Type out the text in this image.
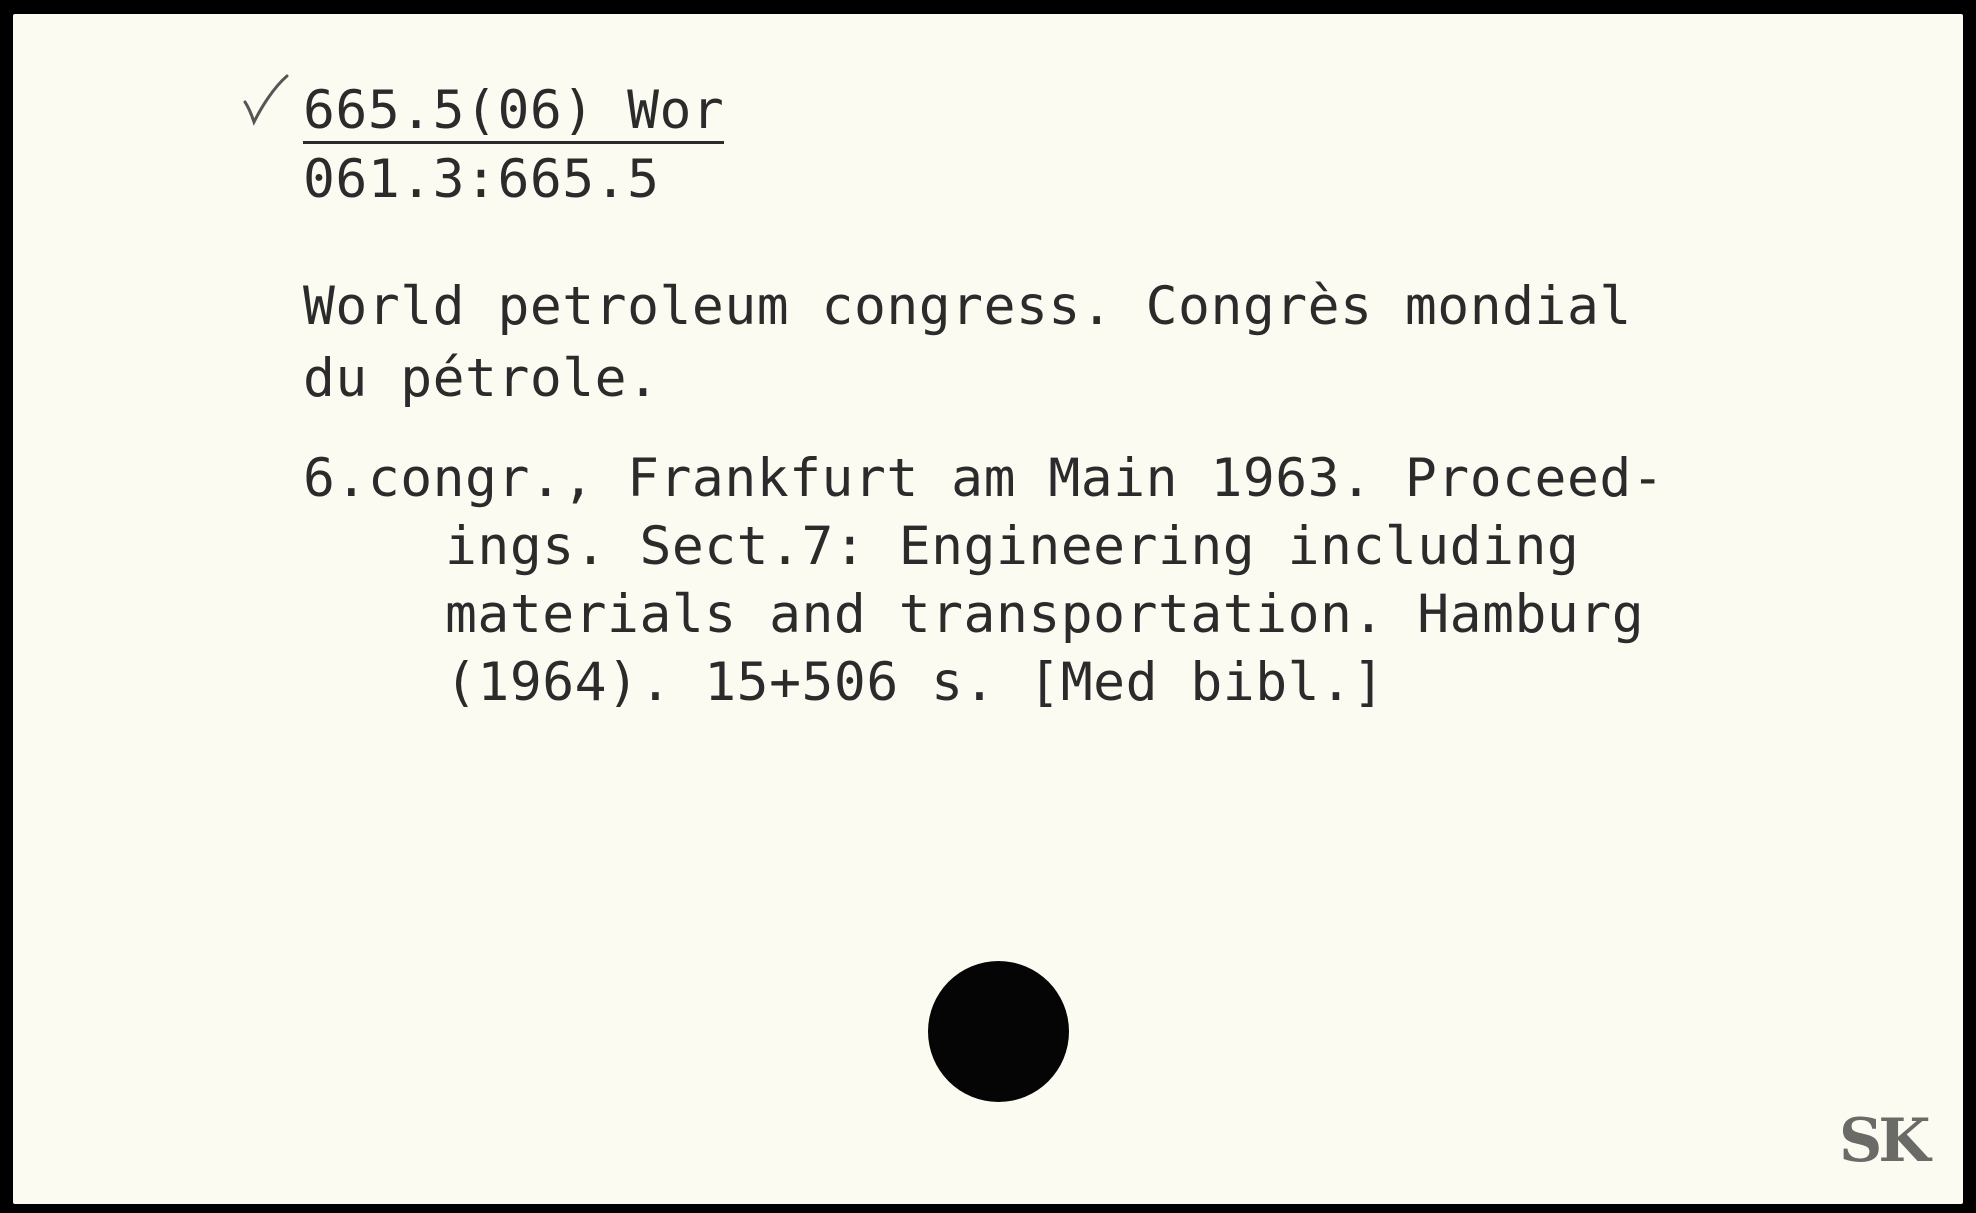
665.5(06) Wor
061.3:665.5
World petroleum congress. Congrès mondial
du pétrole.
6.congr., Frankfurt am Main 1963. Proceed-
ings. Sect.7: Engineering including
materials and transportation. Hamburg
(1964). 15+506 s. [Med bibl.]
SK
